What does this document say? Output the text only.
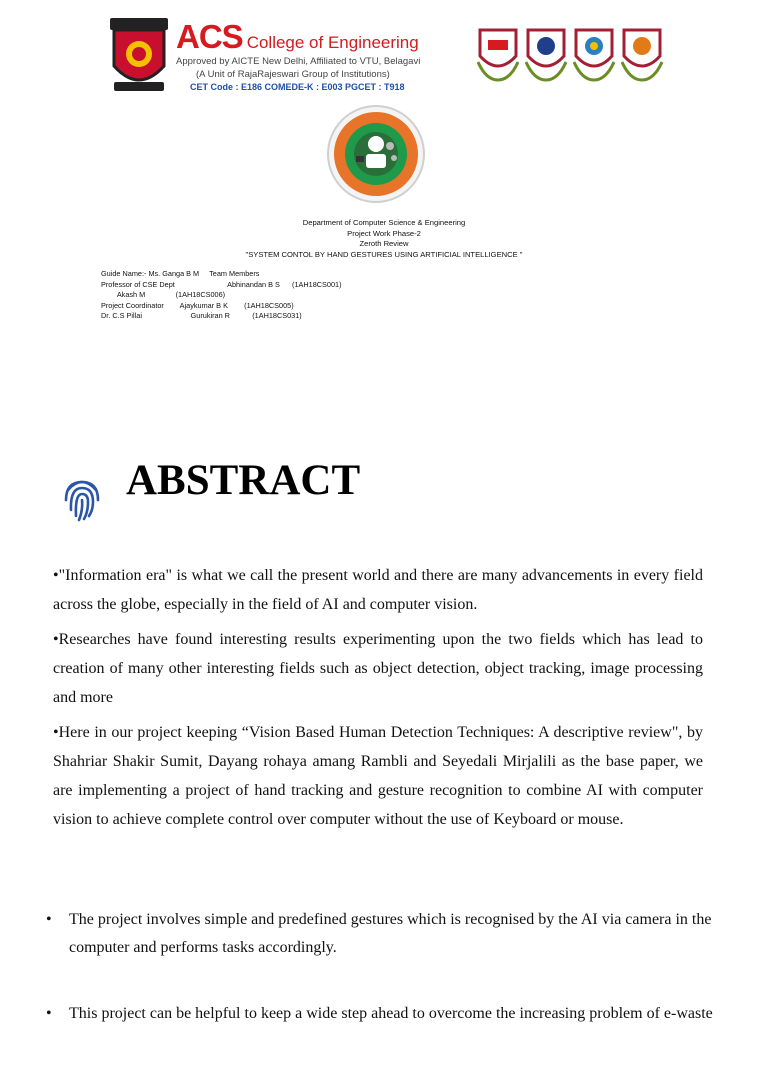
ACS College of Engineering
Approved by AICTE New Delhi, Affiliated to VTU, Belagavi
(A Unit of RajaRajeswari Group of Institutions)
CET Code : E186 COMEDE-K : E003 PGCET : T918
Department of Computer Science & Engineering
Project Work Phase-2
Zeroth Review
"SYSTEM CONTOL BY HAND GESTURES USING ARTIFICIAL INTELLIGENCE "
Guide Name:- Ms. Ganga B M     Team Members
Professor of CSE Dept                          Abhinandan B S      (1AH18CS001)
Akash M               (1AH18CS006)
Project Coordinator        Ajaykumar B K        (1AH18CS005)
Dr. C.S Pillai                        Gurukiran R           (1AH18CS031)
ABSTRACT

•"Information era" is what we call the present world and there are many advancements in every field across the globe, especially in the field of AI and computer vision.

•Researches have found interesting results experimenting upon the two fields which has lead to creation of many other interesting fields such as object detection, object tracking, image processing and more

•Here in our project keeping “Vision Based Human Detection Techniques: A descriptive review", by Shahriar Shakir Sumit, Dayang rohaya amang Rambli and Seyedali Mirjalili as the base paper, we are implementing a project of hand tracking and gesture recognition to combine AI with computer vision to achieve complete control over computer without the use of Keyboard or mouse.

• The project involves simple and predefined gestures which is recognised by the AI via camera in the computer and performs tasks accordingly.
• This project can be helpful to keep a wide step ahead to overcome the increasing problem of e-waste
